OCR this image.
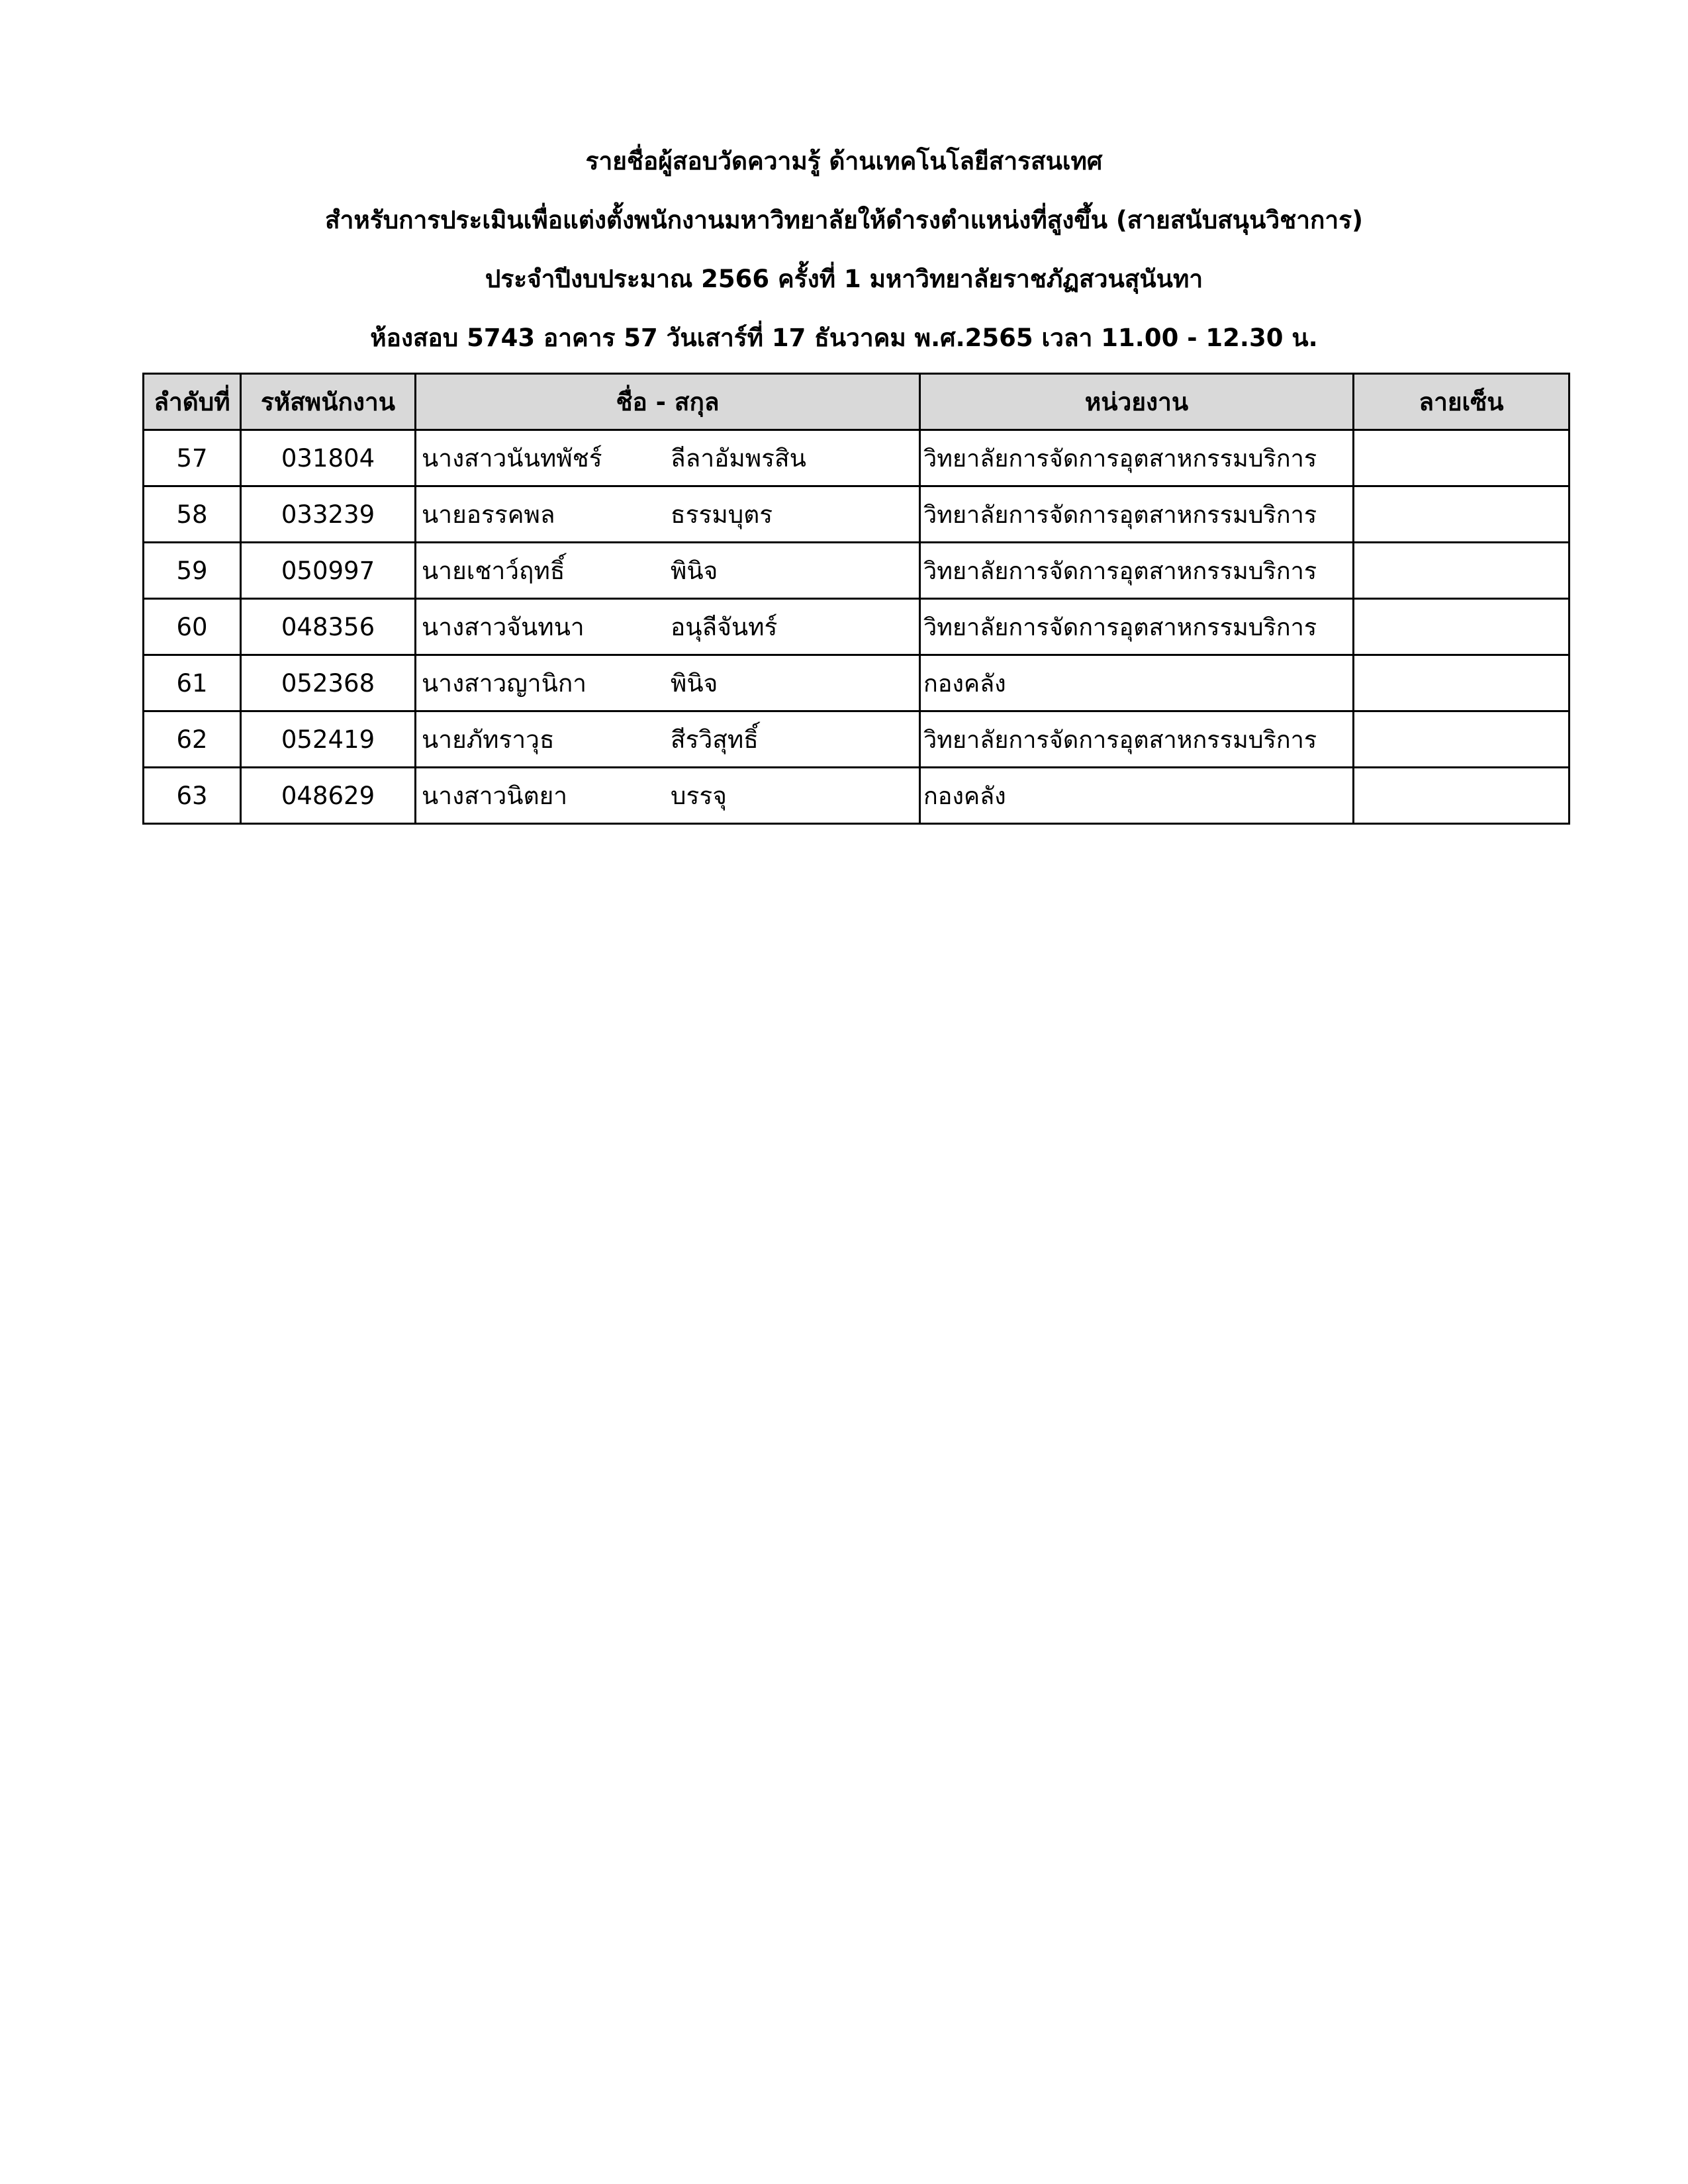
รายชื่อผู้สอบวัดความรู้ ด้านเทคโนโลยีสารสนเทศ
สำหรับการประเมินเพื่อแต่งตั้งพนักงานมหาวิทยาลัยให้ดำรงตำแหน่งที่สูงขึ้น (สายสนับสนุนวิชาการ)
ประจำปีงบประมาณ 2566 ครั้งที่ 1 มหาวิทยาลัยราชภัฏสวนสุนันทา
ห้องสอบ 5743 อาคาร 57 วันเสาร์ที่ 17 ธันวาคม พ.ศ.2565 เวลา 11.00 - 12.30 น.
ลำดับที่	รหัสพนักงาน	ชื่อ - สกุล	หน่วยงาน	ลายเซ็น
57	031804	นางสาวนันทพัชร์ ลีลาอัมพรสิน	วิทยาลัยการจัดการอุตสาหกรรมบริการ	
58	033239	นายอรรคพล ธรรมบุตร	วิทยาลัยการจัดการอุตสาหกรรมบริการ	
59	050997	นายเชาว์ฤทธิ์ พินิจ	วิทยาลัยการจัดการอุตสาหกรรมบริการ	
60	048356	นางสาวจันทนา อนุลีจันทร์	วิทยาลัยการจัดการอุตสาหกรรมบริการ	
61	052368	นางสาวญานิกา พินิจ	กองคลัง	
62	052419	นายภัทราวุธ สีรวิสุทธิ์	วิทยาลัยการจัดการอุตสาหกรรมบริการ	
63	048629	นางสาวนิตยา บรรจุ	กองคลัง	
